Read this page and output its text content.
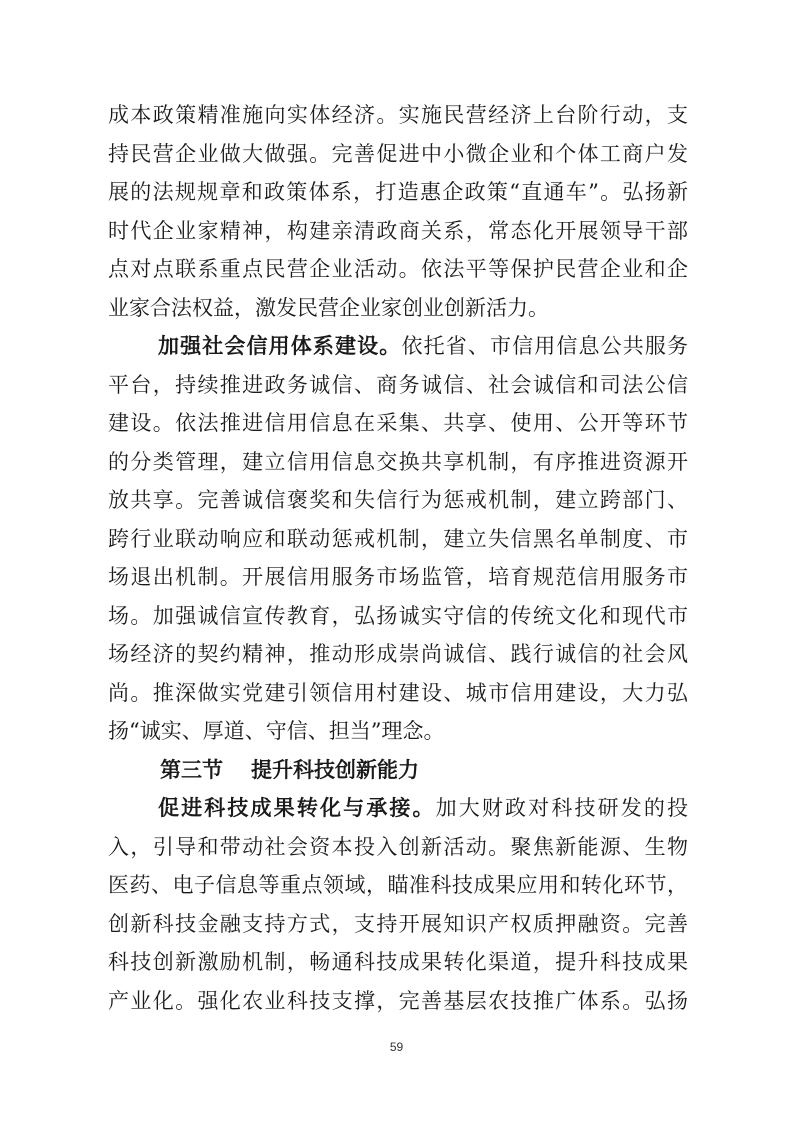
成本政策精准施向实体经济。实施民营经济上台阶行动，支
持民营企业做大做强。完善促进中小微企业和个体工商户发
展的法规规章和政策体系，打造惠企政策“直通车”。弘扬新
时代企业家精神，构建亲清政商关系，常态化开展领导干部
点对点联系重点民营企业活动。依法平等保护民营企业和企
业家合法权益，激发民营企业家创业创新活力。
加强社会信用体系建设。依托省、市信用信息公共服务
平台，持续推进政务诚信、商务诚信、社会诚信和司法公信
建设。依法推进信用信息在采集、共享、使用、公开等环节
的分类管理，建立信用信息交换共享机制，有序推进资源开
放共享。完善诚信褒奖和失信行为惩戒机制，建立跨部门、
跨行业联动响应和联动惩戒机制，建立失信黑名单制度、市
场退出机制。开展信用服务市场监管，培育规范信用服务市
场。加强诚信宣传教育，弘扬诚实守信的传统文化和现代市
场经济的契约精神，推动形成崇尚诚信、践行诚信的社会风
尚。推深做实党建引领信用村建设、城市信用建设，大力弘
扬“诚实、厚道、守信、担当”理念。
第三节 提升科技创新能力
促进科技成果转化与承接。加大财政对科技研发的投
入，引导和带动社会资本投入创新活动。聚焦新能源、生物
医药、电子信息等重点领域，瞄准科技成果应用和转化环节，
创新科技金融支持方式，支持开展知识产权质押融资。完善
科技创新激励机制，畅通科技成果转化渠道，提升科技成果
产业化。强化农业科技支撑，完善基层农技推广体系。弘扬
59
